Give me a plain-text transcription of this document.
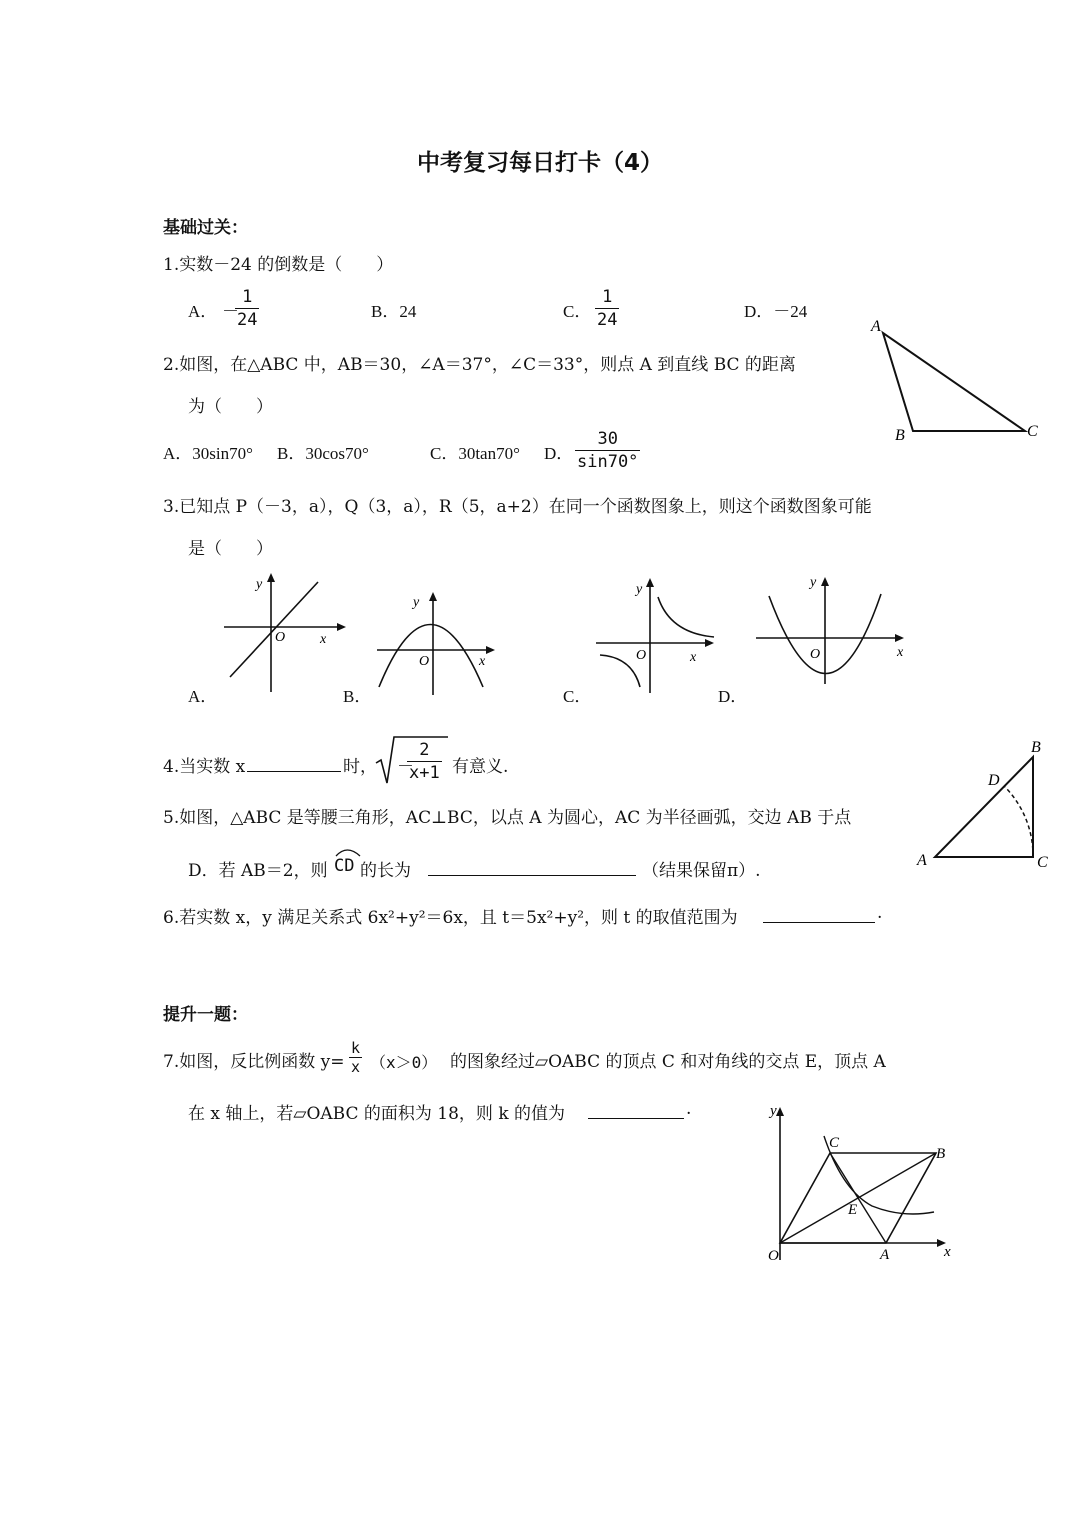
中考复习每日打卡（4）
基础过关：
1.实数－24 的倒数是（　　）
A． －
$\frac{1}{24}$	B．24	C． $\frac{1}{24}$	D．－24
2.如图，在△ABC 中，AB＝30，∠A＝37°，∠C＝33°，则点 A 到直线 BC 的距离
为（　　）
A．30sin70° B．30cos70°	C．30tan70° D． $\frac{30}{\sin 70^\circ}$
A
B	C
3.已知点 P（－3，a），Q（3，a），R（5，a+2）在同一个函数图象上，则这个函数图象可能
是（　　）
y
O x
A．
y
O	x
B．
y
O	x
C．
y
O	x
D．
4.当实数 x	时， －
$\frac{2}{x+1}$ 有意义.
A
B
C
D
5.如图，△ABC 是等腰三角形，AC⊥BC，以点 A 为圆心，AC 为半径画弧，交边 AB 于点
D．若 AB＝2，则 CD 的长为	（结果保留π）.
6.若实数 x，y 满足关系式 6x²+y²＝6x，且 t＝5x²+y²，则 t 的取值范围为	.
提升一题：
7.如图，反比例函数 $y= \frac{k}{x} (x>0)$ 的图象经过▱OABC 的顶点 C 和对角线的交点 E，顶点 A
在 x 轴上，若▱OABC 的面积为 18，则 k 的值为	.
O	A
B
C
E
x
y
